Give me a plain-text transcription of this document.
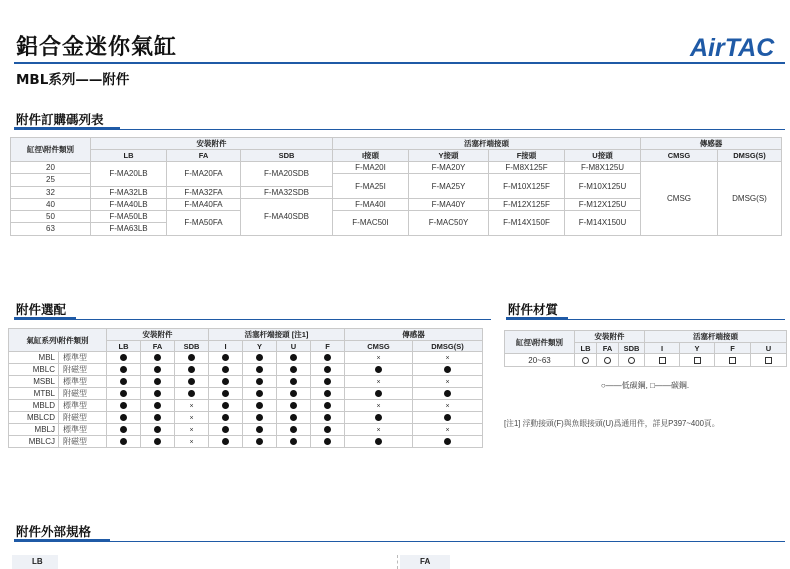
鋁合金迷你氣缸	AirTAC
MBL系列——附件
附件訂購碼列表
缸徑\附件類別	安裝附件			活塞杆端接頭				傳感器	
	LB	FA	SDB	I接頭	Y接頭	F接頭	U接頭	CMSG	DMSG(S)
20	F-MA20LB	F-MA20FA	F-MA20SDB	F-MA20I	F-MA20Y	F-M8X125F	F-M8X125U	CMSG	DMSG(S)
25				F-MA25I	F-MA25Y	F-M10X125F	F-M10X125U		
32	F-MA32LB	F-MA32FA	F-MA32SDB						
40	F-MA40LB	F-MA40FA	F-MA40SDB	F-MA40I	F-MA40Y	F-M12X125F	F-M12X125U		
50	F-MA50LB	F-MA50FA		F-MAC50I	F-MAC50Y	F-M14X150F	F-M14X150U		
63	F-MA63LB								
附件選配
氣缸系列\附件類別		安裝附件			活塞杆端接頭 [注1]				傳感器	
		LB	FA	SDB	I	Y	U	F	CMSG	DMSG(S)
MBL	標準型								×	×
MBLC	附磁型									
MSBL	標準型								×	×
MTBL	附磁型									
MBLD	標準型			×					×	×
MBLCD	附磁型			×						
MBLJ	標準型			×					×	×
MBLCJ	附磁型			×						
附件材質
缸徑\附件類別	安裝附件			活塞杆端接頭			
	LB	FA	SDB	I	Y	F	U
20~63							
○——低碳鋼, □——碳鋼.
[注1] 浮動接頭(F)與魚眼接頭(U)爲通用件，詳見P397~400頁。
附件外部規格
LB	FA
